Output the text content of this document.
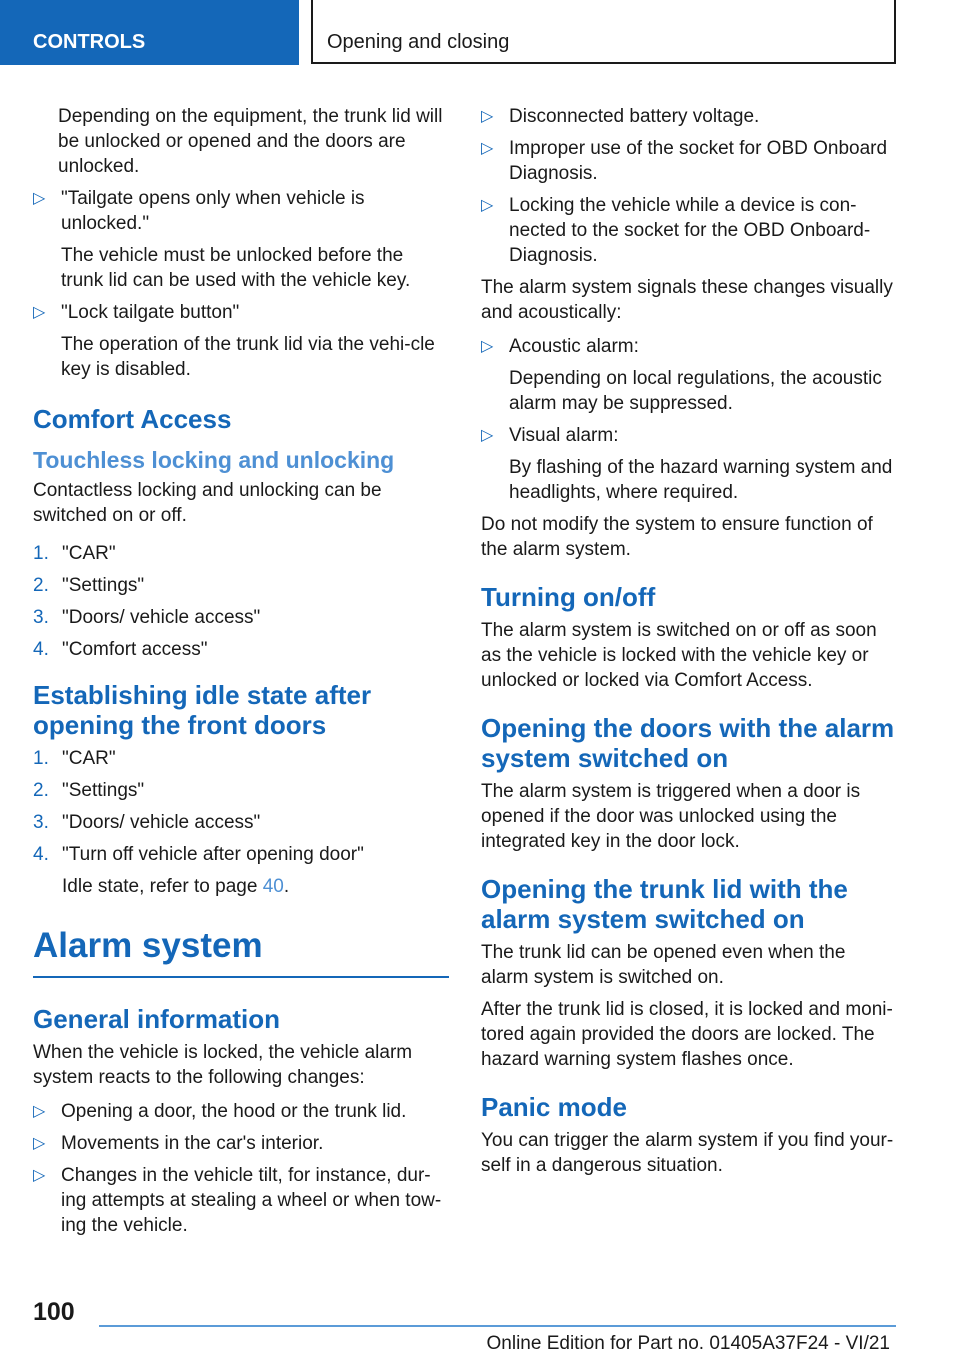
CONTROLS	Opening and closing

Depending on the equipment, the trunk lid will be unlocked or opened and the doors are unlocked.

▷ "Tailgate opens only when vehicle is unlocked."
The vehicle must be unlocked before the trunk lid can be used with the vehicle key.
▷ "Lock tailgate button"
The operation of the trunk lid via the vehi‐cle key is disabled.
Comfort Access
Touchless locking and unlocking

Contactless locking and unlocking can be switched on or off.

1. "CAR"
2. "Settings"
3. "Doors/ vehicle access"
4. "Comfort access"
Establishing idle state after opening the front doors
1. "CAR"
2. "Settings"
3. "Doors/ vehicle access"
4. "Turn off vehicle after opening door"
Idle state, refer to page 40.
Alarm system
General information

When the vehicle is locked, the vehicle alarm system reacts to the following changes:

▷ Opening a door, the hood or the trunk lid.
▷ Movements in the car's interior.
▷ Changes in the vehicle tilt, for instance, dur‐ing attempts at stealing a wheel or when tow‐ing the vehicle.
▷ Disconnected battery voltage.
▷ Improper use of the socket for OBD Onboard Diagnosis.
▷ Locking the vehicle while a device is con‐nected to the socket for the OBD Onboard-Diagnosis.

The alarm system signals these changes visually and acoustically:

▷ Acoustic alarm:
Depending on local regulations, the acoustic alarm may be suppressed.
▷ Visual alarm:
By flashing of the hazard warning system and headlights, where required.

Do not modify the system to ensure function of the alarm system.

Turning on/off

The alarm system is switched on or off as soon as the vehicle is locked with the vehicle key or unlocked or locked via Comfort Access.

Opening the doors with the alarm system switched on

The alarm system is triggered when a door is opened if the door was unlocked using the integrated key in the door lock.

Opening the trunk lid with the alarm system switched on

The trunk lid can be opened even when the alarm system is switched on.

After the trunk lid is closed, it is locked and moni‐tored again provided the doors are locked. The hazard warning system flashes once.

Panic mode

You can trigger the alarm system if you find your‐self in a dangerous situation.

100
Online Edition for Part no. 01405A37F24 - VI/21
